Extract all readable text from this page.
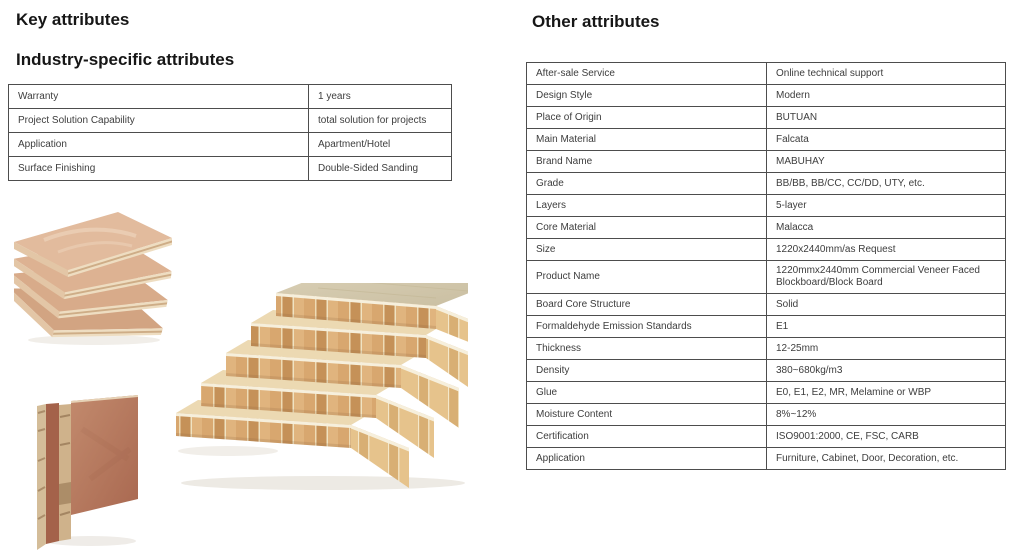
Key attributes
Industry-specific attributes
Other attributes
Warranty	1 years
Project Solution Capability	total solution for projects
Application	Apartment/Hotel
Surface Finishing	Double-Sided Sanding
After-sale Service	Online technical support
Design Style	Modern
Place of Origin	BUTUAN
Main Material	Falcata
Brand Name	MABUHAY
Grade	BB/BB, BB/CC, CC/DD, UTY, etc.
Layers	5-layer
Core Material	Malacca
Size	1220x2440mm/as Request
Product Name	1220mmx2440mm Commercial Veneer Faced Blockboard/Block Board
Board Core Structure	Solid
Formaldehyde Emission Standards	E1
Thickness	12-25mm
Density	380~680kg/m3
Glue	E0, E1, E2, MR, Melamine or WBP
Moisture Content	8%~12%
Certification	ISO9001:2000, CE, FSC, CARB
Application	Furniture, Cabinet, Door, Decoration, etc.
